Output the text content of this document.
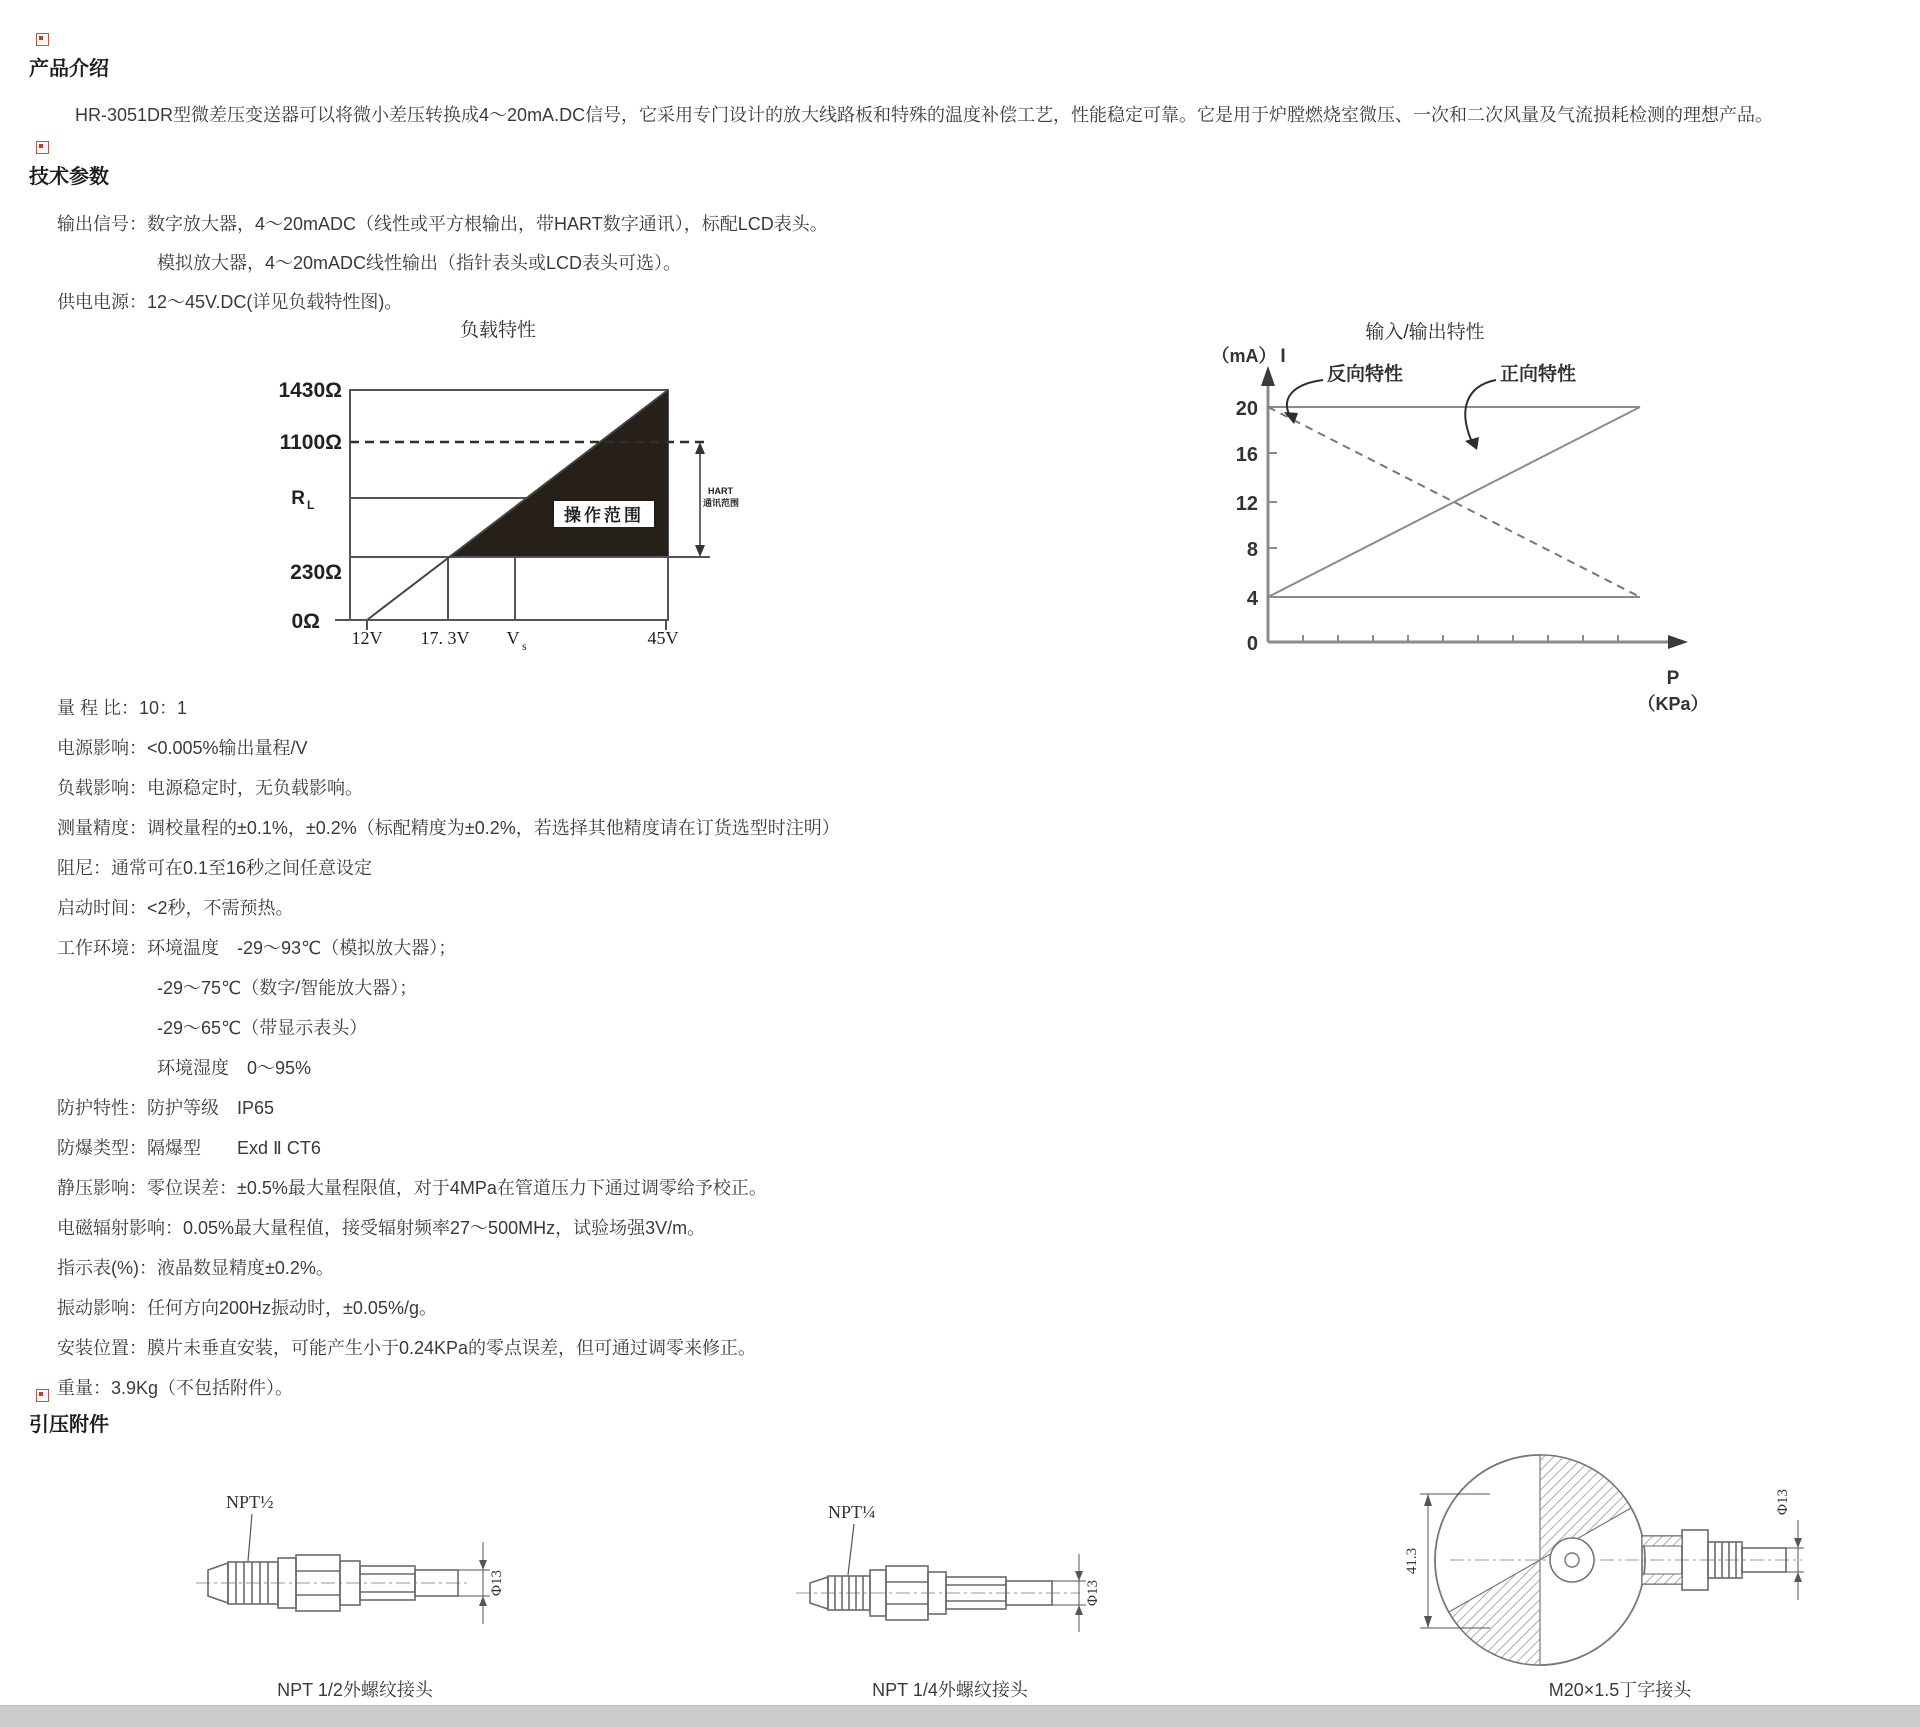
产品介绍

HR-3051DR型微差压变送器可以将微小差压转换成4～20mA.DC信号，它采用专门设计的放大线路板和特殊的温度补偿工艺，性能稳定可靠。它是用于炉膛燃烧室微压、一次和二次风量及气流损耗检测的理想产品。

技术参数
输出信号：数字放大器，4～20mADC（线性或平方根输出，带HART数字通讯），标配LCD表头。
模拟放大器，4～20mADC线性输出（指针表头或LCD表头可选）。
供电电源：12～45V.DC(详见负载特性图)。
负载特性
操作范围
1430Ω
1100Ω
R L
230Ω
0Ω
12V 17. 3V V s	45V
HART
通讯范围
输入/输出特性
（mA） I
20
16
12
8
4
0
反向特性	正向特性
P
（KPa）
量 程 比：10：1
电源影响：<0.005%输出量程/V
负载影响：电源稳定时，无负载影响。
测量精度：调校量程的±0.1%，±0.2%（标配精度为±0.2%，若选择其他精度请在订货选型时注明）
阻尼：通常可在0.1至16秒之间任意设定
启动时间：<2秒，不需预热。
工作环境：环境温度　-29～93℃（模拟放大器）；
-29～75℃（数字/智能放大器）；
-29～65℃（带显示表头）
环境湿度　0～95%
防护特性：防护等级　IP65
防爆类型：隔爆型　　Exd Ⅱ CT6
静压影响：零位误差：±0.5%最大量程限值，对于4MPa在管道压力下通过调零给予校正。
电磁辐射影响：0.05%最大量程值，接受辐射频率27～500MHz，试验场强3V/m。
指示表(%)：液晶数显精度±0.2%。
振动影响：任何方向200Hz振动时，±0.05%/g。
安装位置：膜片未垂直安装，可能产生小于0.24KPa的零点误差，但可通过调零来修正。
重量：3.9Kg（不包括附件）。
引压附件
NPT½
Φ13
NPT 1/2外螺纹接头
NPT¼
Φ13
NPT 1/4外螺纹接头
41.3
Φ13
M20×1.5丁字接头
